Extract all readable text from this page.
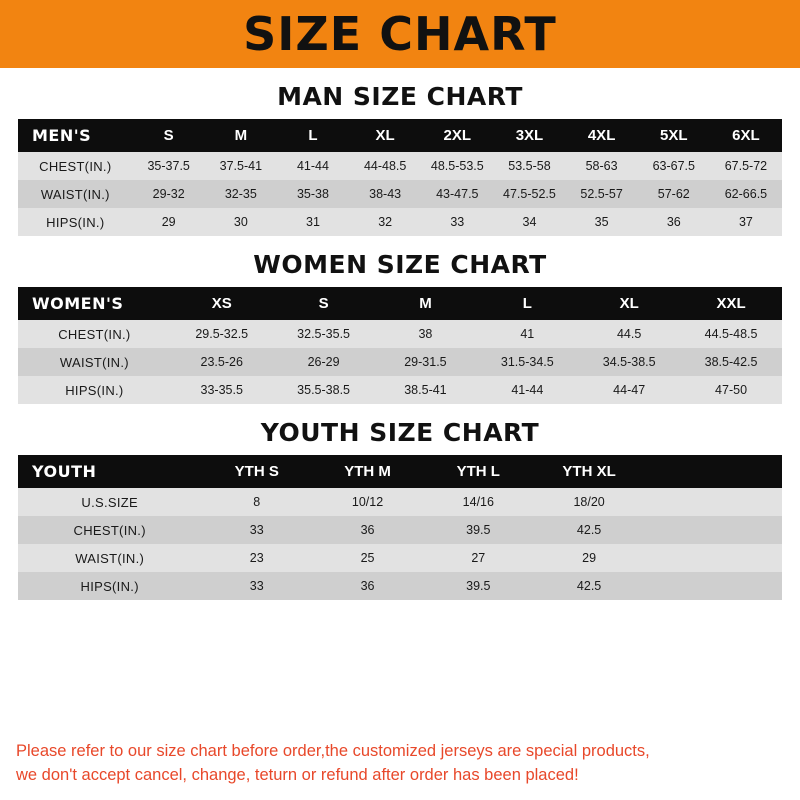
SIZE CHART
MAN SIZE CHART
MEN'S	S	M	L	XL	2XL	3XL	4XL	5XL	6XL
CHEST(IN.)	35-37.5	37.5-41	41-44	44-48.5	48.5-53.5	53.5-58	58-63	63-67.5	67.5-72
WAIST(IN.)	29-32	32-35	35-38	38-43	43-47.5	47.5-52.5	52.5-57	57-62	62-66.5
HIPS(IN.)	29	30	31	32	33	34	35	36	37
WOMEN SIZE CHART
WOMEN'S	XS	S	M	L	XL	XXL
CHEST(IN.)	29.5-32.5	32.5-35.5	38	41	44.5	44.5-48.5
WAIST(IN.)	23.5-26	26-29	29-31.5	31.5-34.5	34.5-38.5	38.5-42.5
HIPS(IN.)	33-35.5	35.5-38.5	38.5-41	41-44	44-47	47-50
YOUTH SIZE CHART
YOUTH	YTH S	YTH M	YTH L	YTH XL	
U.S.SIZE	8	10/12	14/16	18/20	
CHEST(IN.)	33	36	39.5	42.5	
WAIST(IN.)	23	25	27	29	
HIPS(IN.)	33	36	39.5	42.5	

Please refer to our size chart before order,the customized jerseys are special products,

we don't accept cancel, change, teturn or refund after order has been placed!
